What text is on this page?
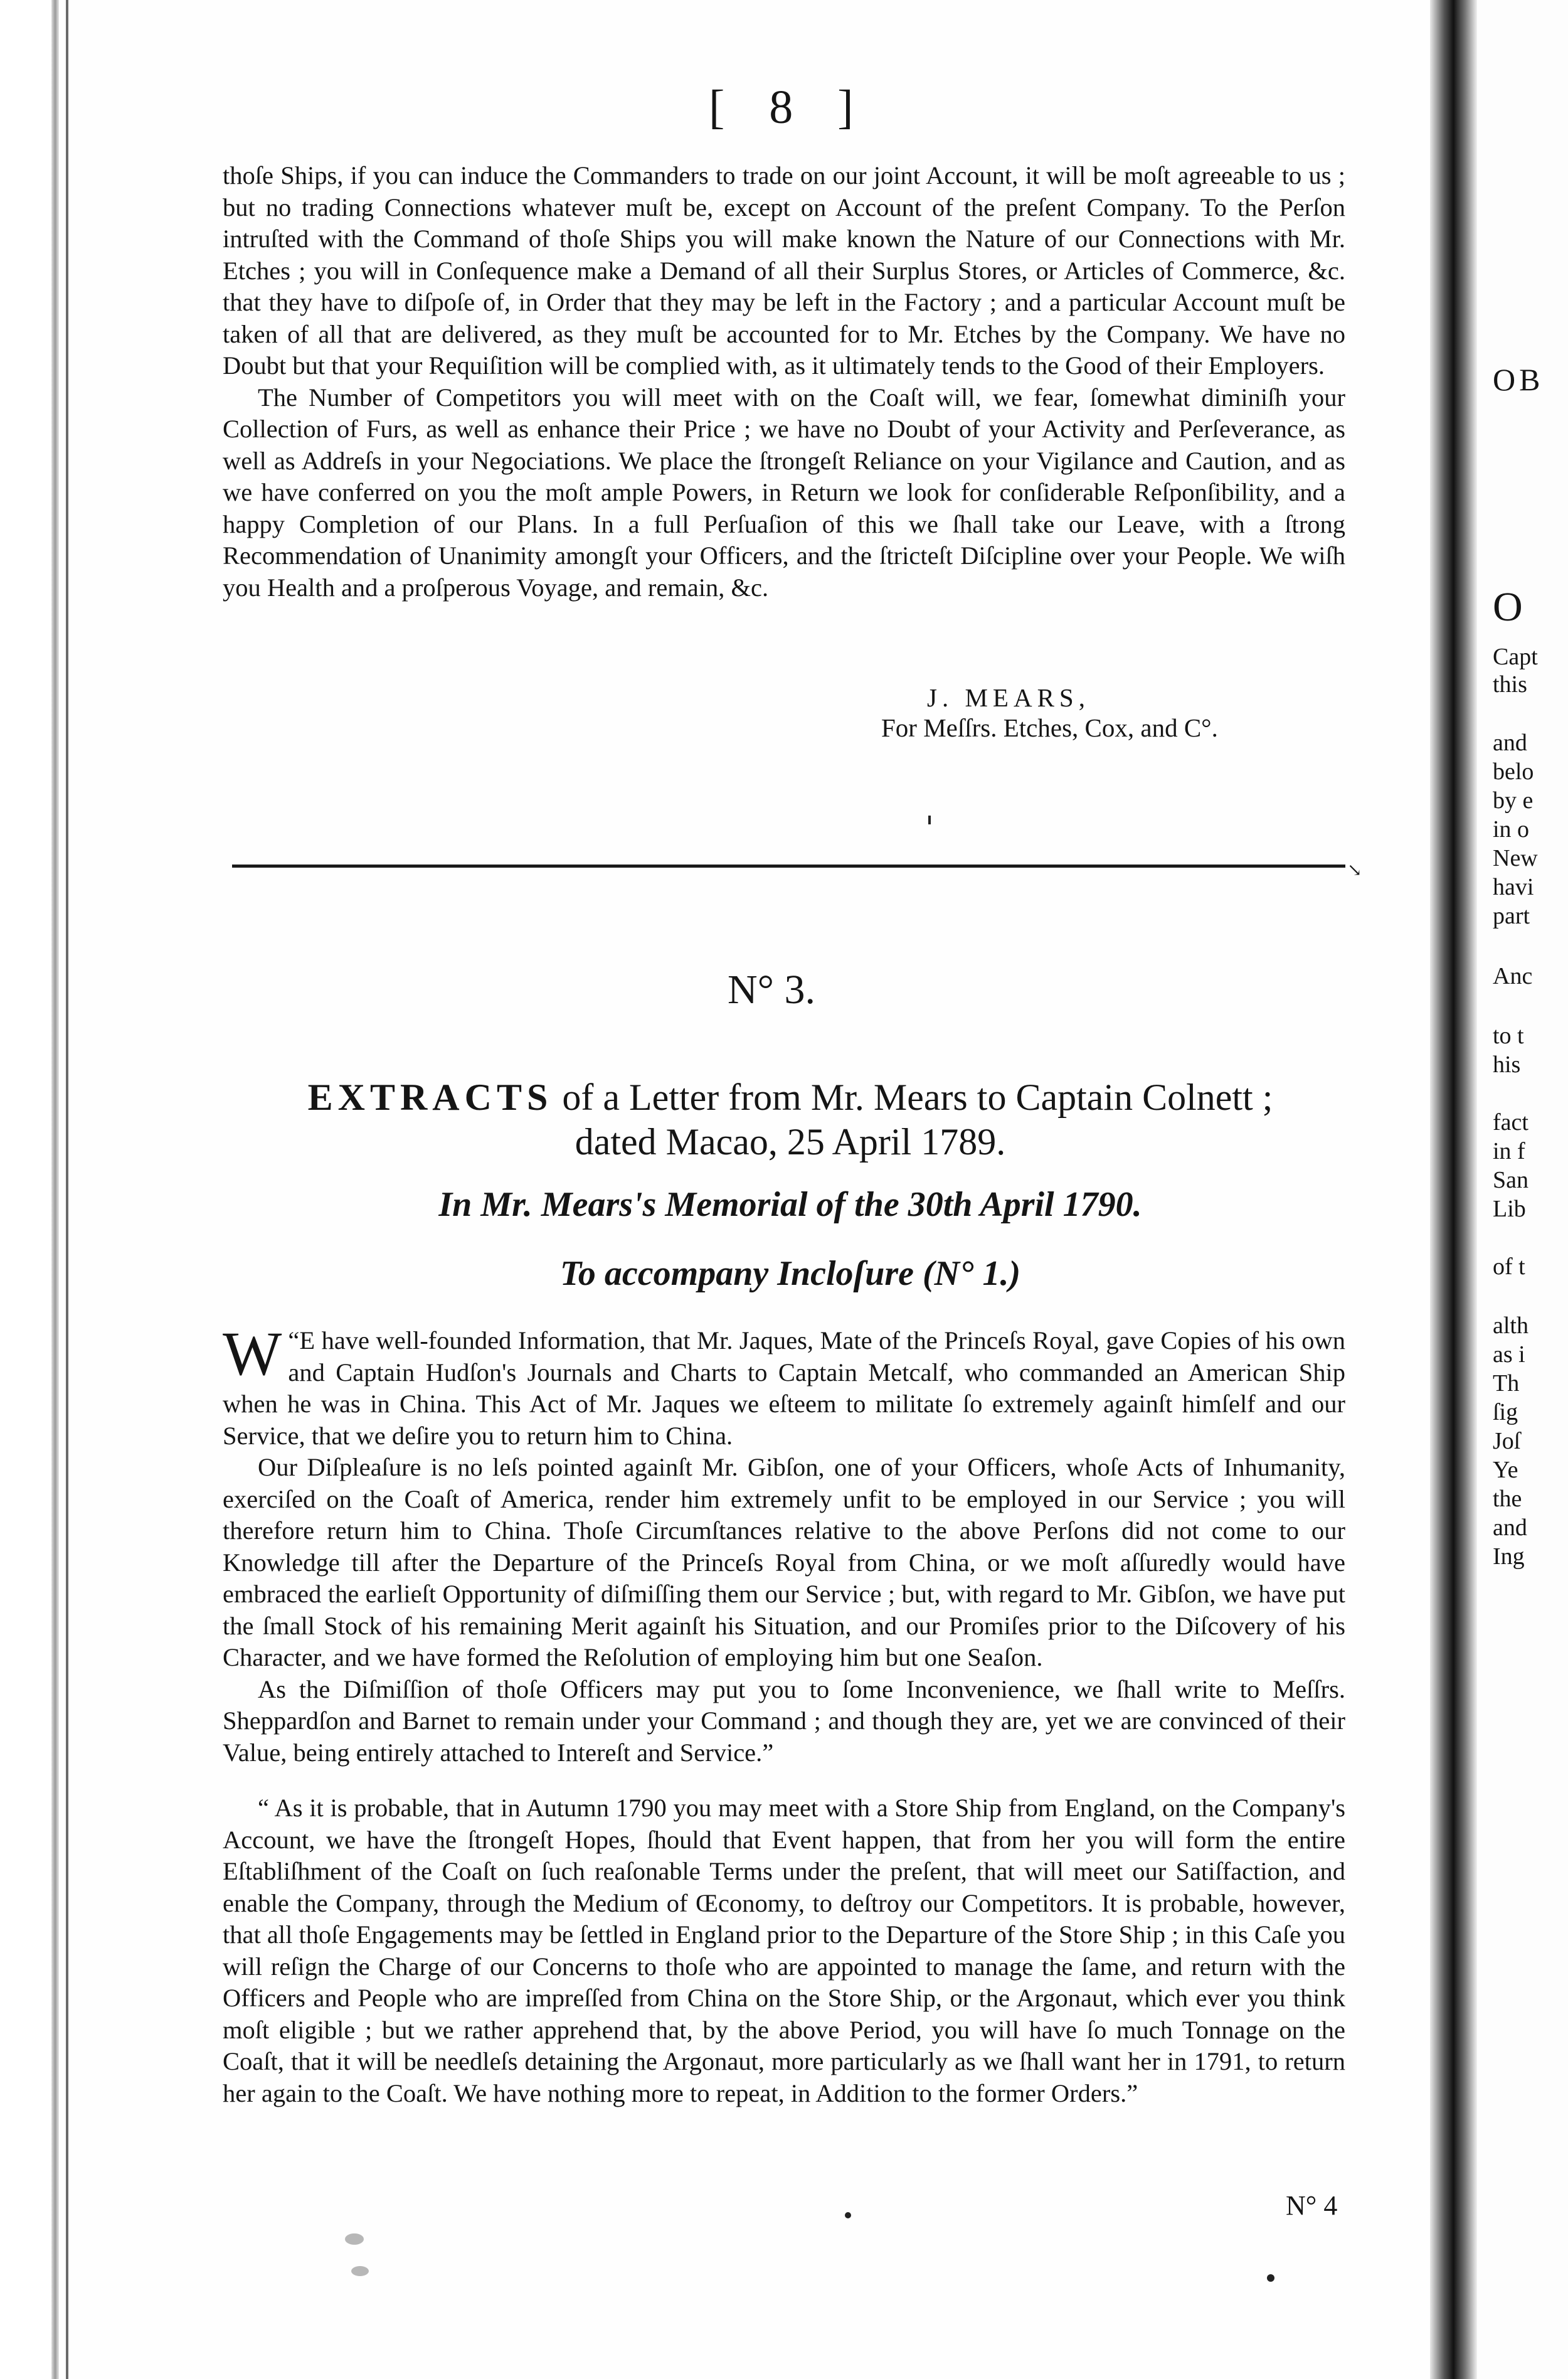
[ 8 ]

thoſe Ships, if you can induce the Commanders to trade on our joint Account, it will be moſt agreeable to us ; but no trading Connections whatever muſt be, except on Account of the preſent Company. To the Perſon intruſted with the Command of thoſe Ships you will make known the Nature of our Connections with Mr. Etches ; you will in Conſequence make a Demand of all their Surplus Stores, or Articles of Commerce, &c. that they have to diſpoſe of, in Order that they may be left in the Factory ; and a particular Account muſt be taken of all that are delivered, as they muſt be accounted for to Mr. Etches by the Company. We have no Doubt but that your Requiſition will be complied with, as it ultimately tends to the Good of their Employers.

The Number of Competitors you will meet with on the Coaſt will, we fear, ſomewhat diminiſh your Collection of Furs, as well as enhance their Price ; we have no Doubt of your Activity and Perſeverance, as well as Addreſs in your Negociations. We place the ſtrongeſt Reliance on your Vigilance and Caution, and as we have conferred on you the moſt ample Powers, in Return we look for conſiderable Reſponſibility, and a happy Completion of our Plans. In a full Perſuaſion of this we ſhall take our Leave, with a ſtrong Recommendation of Unanimity amongſt your Officers, and the ſtricteſt Diſcipline over your People. We wiſh you Health and a proſperous Voyage, and remain, &c.

J. MEARS,
For Meſſrs. Etches, Cox, and C°.
↘
N° 3.
EXTRACTS of a Letter from Mr. Mears to Captain Colnett ;
dated Macao, 25 April 1789.
In Mr. Mears's Memorial of the 30th April 1790.
To accompany Incloſure (N° 1.)

“
W E have well-founded Information, that Mr. Jaques, Mate of the Princeſs Royal, gave Copies of his own and Captain Hudſon's Journals and Charts to Captain Metcalf, who commanded an American Ship when he was in China. This Act of Mr. Jaques we eſteem to militate ſo extremely againſt himſelf and our Service, that we deſire you to return him to China.

Our Diſpleaſure is no leſs pointed againſt Mr. Gibſon, one of your Officers, whoſe Acts of Inhumanity, exerciſed on the Coaſt of America, render him extremely unfit to be employed in our Service ; you will therefore return him to China. Thoſe Circumſtances relative to the above Perſons did not come to our Knowledge till after the Departure of the Princeſs Royal from China, or we moſt aſſuredly would have embraced the earlieſt Opportunity of diſmiſſing them our Service ; but, with regard to Mr. Gibſon, we have put the ſmall Stock of his remaining Merit againſt his Situation, and our Promiſes prior to the Diſcovery of his Character, and we have formed the Reſolution of employing him but one Seaſon.

As the Diſmiſſion of thoſe Officers may put you to ſome Inconvenience, we ſhall write to Meſſrs. Sheppardſon and Barnet to remain under your Command ; and though they are, yet we are convinced of their Value, being entirely attached to Intereſt and Service.”

“ As it is probable, that in Autumn 1790 you may meet with a Store Ship from England, on the Company's Account, we have the ſtrongeſt Hopes, ſhould that Event happen, that from her you will form the entire Eſtabliſhment of the Coaſt on ſuch reaſonable Terms under the preſent, that will meet our Satiſfaction, and enable the Company, through the Medium of Œconomy, to deſtroy our Competitors. It is probable, however, that all thoſe Engagements may be ſettled in England prior to the Departure of the Store Ship ; in this Caſe you will reſign the Charge of our Concerns to thoſe who are appointed to manage the ſame, and return with the Officers and People who are impreſſed from China on the Store Ship, or the Argonaut, which ever you think moſt eligible ; but we rather apprehend that, by the above Period, you will have ſo much Tonnage on the Coaſt, that it will be needleſs detaining the Argonaut, more particularly as we ſhall want her in 1791, to return her again to the Coaſt. We have nothing more to repeat, in Addition to the former Orders.”

N° 4
OB
O
Capt
this
and
belo
by e
in o
New
havi
part
Anc
to t
his
fact
in f
San
Lib
of t
alth
as i
Th
ſig
Joſ
Ye
the
and
Ing
